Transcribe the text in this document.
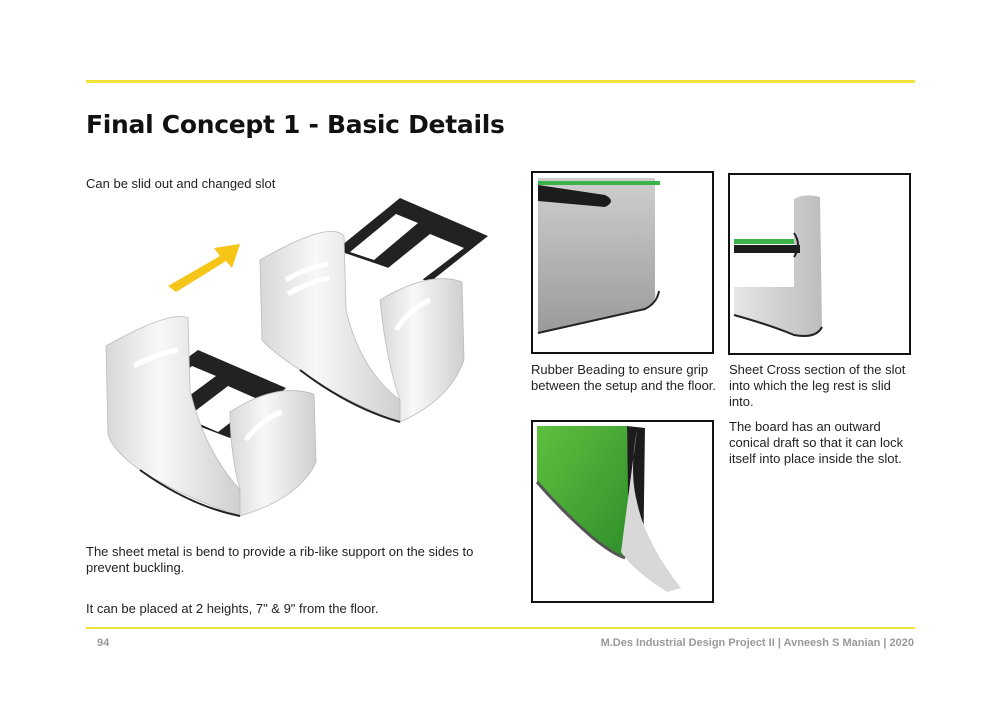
Final Concept 1 - Basic Details
Can be slid out and changed slot
The sheet metal is bend to provide a rib-like support on the sides to prevent buckling.
It can be placed at 2 heights, 7" & 9" from the floor.
Rubber Beading to ensure grip between the setup and the floor.
Sheet Cross section of the slot into which the leg rest is slid into.
The board has an outward conical draft so that it can lock itself into place inside the slot.
94	M.Des Industrial Design Project II | Avneesh S Manian | 2020
